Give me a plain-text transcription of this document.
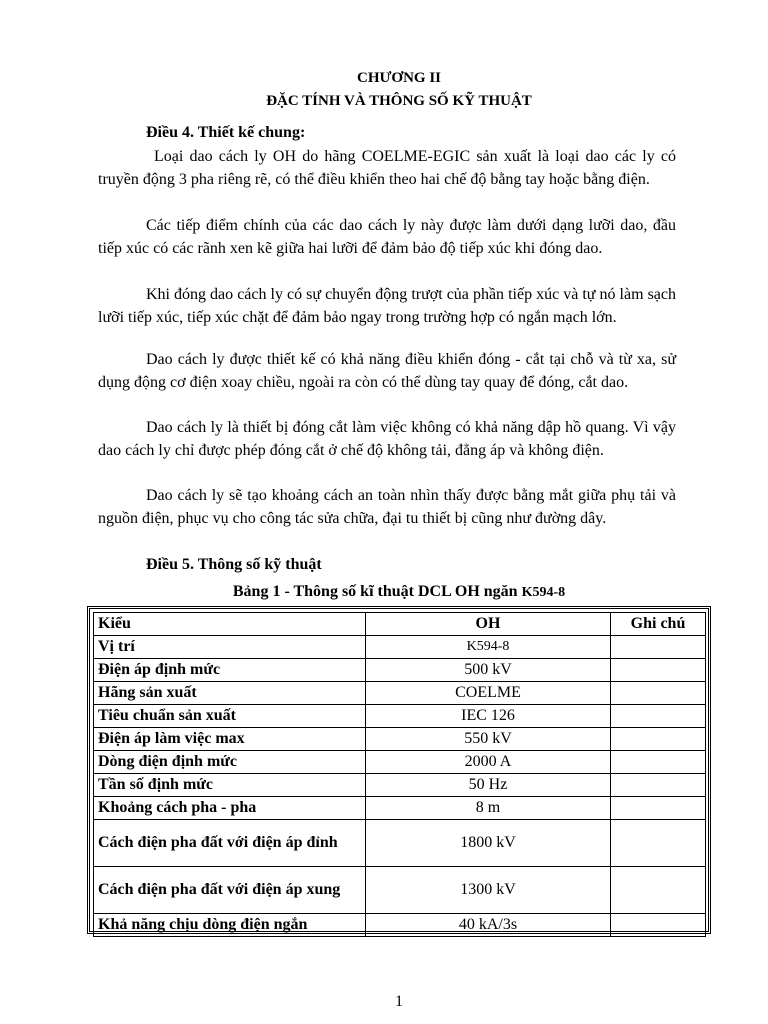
CHƯƠNG II
ĐẶC TÍNH VÀ THÔNG SỐ KỸ THUẬT
Điều 4. Thiết kế chung:

Loại dao cách ly OH do hãng COELME-EGIC sản xuất là loại dao các ly có truyền động 3 pha riêng rẽ, có thể điều khiển theo hai chế độ bằng tay hoặc bằng điện.

Các tiếp điểm chính của các dao cách ly này được làm dưới dạng lưỡi dao, đầu tiếp xúc có các rãnh xen kẽ giữa hai lưỡi để đảm bảo độ tiếp xúc khi đóng dao.

Khi đóng dao cách ly có sự chuyển động trượt của phần tiếp xúc và tự nó làm sạch lưỡi tiếp xúc, tiếp xúc chặt để đảm bảo ngay trong trường hợp có ngắn mạch lớn.

Dao cách ly được thiết kế có khả năng điều khiển đóng - cắt tại chỗ và từ xa, sử dụng động cơ điện xoay chiều, ngoài ra còn có thể dùng tay quay để đóng, cắt dao.

Dao cách ly là thiết bị đóng cắt làm việc không có khả năng dập hồ quang. Vì vậy dao cách ly chỉ được phép đóng cắt ở chế độ không tải, đẳng áp và không điện.

Dao cách ly sẽ tạo khoảng cách an toàn nhìn thấy được bằng mắt giữa phụ tải và nguồn điện, phục vụ cho công tác sửa chữa, đại tu thiết bị cũng như đường dây.

Điều 5. Thông số kỹ thuật
Bảng 1 - Thông số kĩ thuật DCL OH ngăn K594-8
Kiểu	OH	Ghi chú
Vị trí	K594-8	
Điện áp định mức	500 kV	
Hãng sản xuất	COELME	
Tiêu chuẩn sản xuất	IEC 126	
Điện áp làm việc max	550 kV	
Dòng điện định mức	2000 A	
Tần số định mức	50 Hz	
Khoảng cách pha - pha	8 m	
Cách điện pha đất với điện áp đỉnh	1800 kV	
Cách điện pha đất với điện áp xung	1300 kV	
Khả năng chịu dòng điện ngắn	40 kA/3s	
1
